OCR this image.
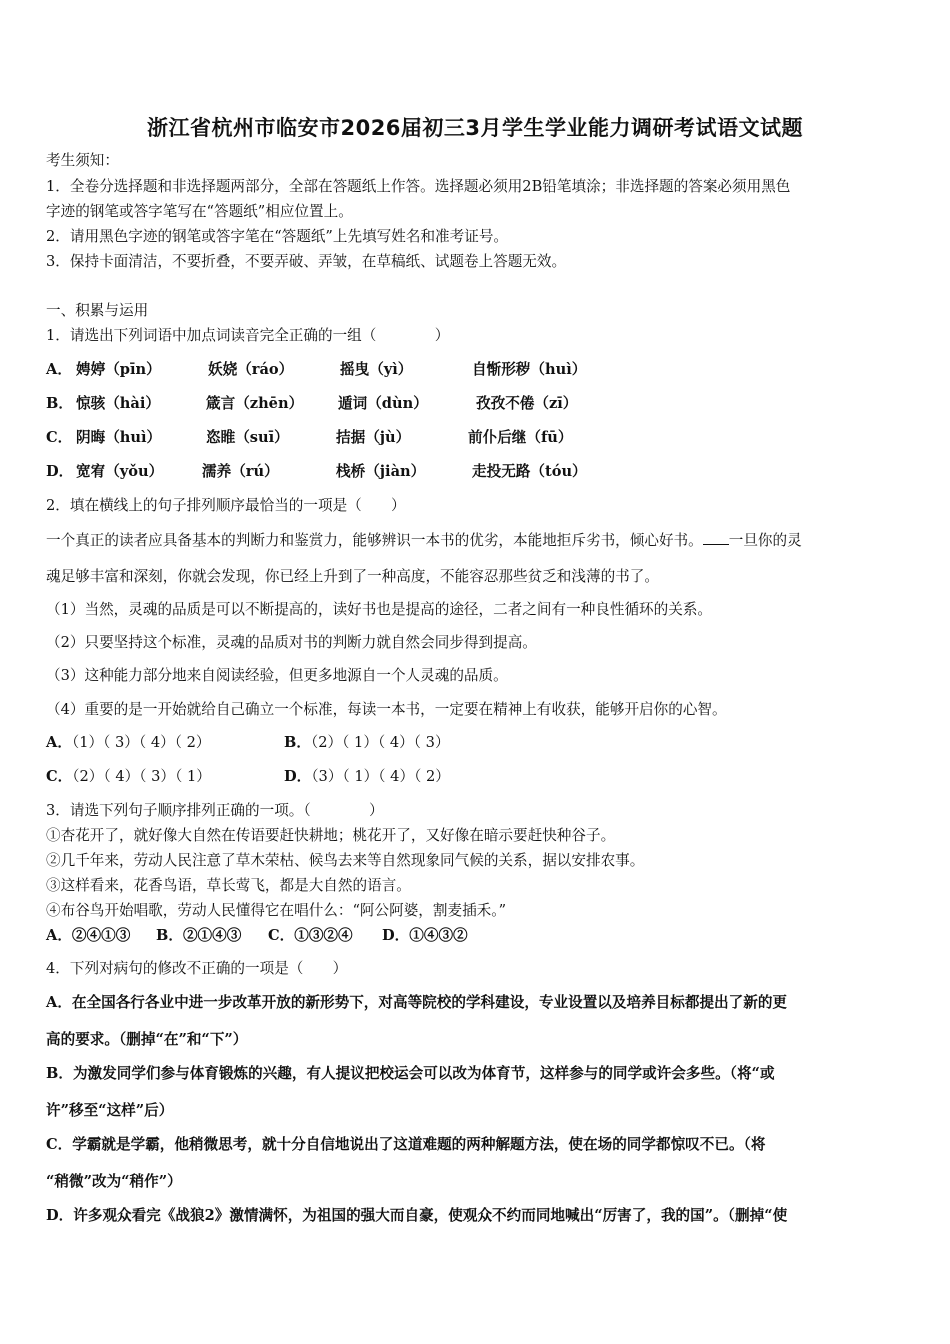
浙江省杭州市临安市2026届初三3月学生学业能力调研考试语文试题
考生须知：
1．全卷分选择题和非选择题两部分，全部在答题纸上作答。选择题必须用2B铅笔填涂；非选择题的答案必须用黑色
字迹的钢笔或答字笔写在“答题纸”相应位置上。
2．请用黑色字迹的钢笔或答字笔在“答题纸”上先填写姓名和准考证号。
3．保持卡面清洁，不要折叠，不要弄破、弄皱，在草稿纸、试题卷上答题无效。
一、积累与运用
1．请选出下列词语中加点词读音完全正确的一组（　　　　）
A． 娉婷（pīn）	妖娆（ráo）	摇曳（yì）	自惭形秽（huì）
B． 惊骇（hài）	箴言（zhēn） 遁词（dùn）	孜孜不倦（zī）
C． 阴晦（huì）	恣睢（suī）	拮据（jù）	前仆后继（fū）
D． 宽宥（yǒu）	濡养（rú）	栈桥（jiàn）	走投无路（tóu）
2．填在横线上的句子排列顺序最恰当的一项是（　　）
一个真正的读者应具备基本的判断力和鉴赏力，能够辨识一本书的优劣，本能地拒斥劣书，倾心好书。 一旦你的灵
魂足够丰富和深刻，你就会发现，你已经上升到了一种高度，不能容忍那些贫乏和浅薄的书了。
（1）当然，灵魂的品质是可以不断提高的，读好书也是提高的途径，二者之间有一种良性循环的关系。
（2）只要坚持这个标准，灵魂的品质对书的判断力就自然会同步得到提高。
（3）这种能力部分地来自阅读经验，但更多地源自一个人灵魂的品质。
（4）重要的是一开始就给自己确立一个标准，每读一本书，一定要在精神上有收获，能够开启你的心智。
A．（1）（ 3）（ 4）（ 2）	B．（2）（ 1）（ 4）（ 3）
C．（2）（ 4）（ 3）（ 1）	D．（3）（ 1）（ 4）（ 2）
3．请选下列句子顺序排列正确的一项。（　　　　）
①杏花开了，就好像大自然在传语要赶快耕地；桃花开了，又好像在暗示要赶快种谷子。
②几千年来，劳动人民注意了草木荣枯、候鸟去来等自然现象同气候的关系，据以安排农事。
③这样看来，花香鸟语，草长莺飞，都是大自然的语言。
④布谷鸟开始唱歌，劳动人民懂得它在唱什么：“阿公阿婆，割麦插禾。”
A．②④①③ B．②①④③ C．①③②④ D．①④③②
4．下列对病句的修改不正确的一项是（　　）
A．在全国各行各业中进一步改革开放的新形势下，对高等院校的学科建设，专业设置以及培养目标都提出了新的更
高的要求。（删掉“在”和“下”）
B．为激发同学们参与体育锻炼的兴趣，有人提议把校运会可以改为体育节，这样参与的同学或许会多些。（将“或
许”移至“这样”后）
C．学霸就是学霸，他稍微思考，就十分自信地说出了这道难题的两种解题方法，使在场的同学都惊叹不已。（将
“稍微”改为“稍作”）
D．许多观众看完《战狼2》激情满怀，为祖国的强大而自豪，使观众不约而同地喊出“厉害了，我的国”。（删掉“使
